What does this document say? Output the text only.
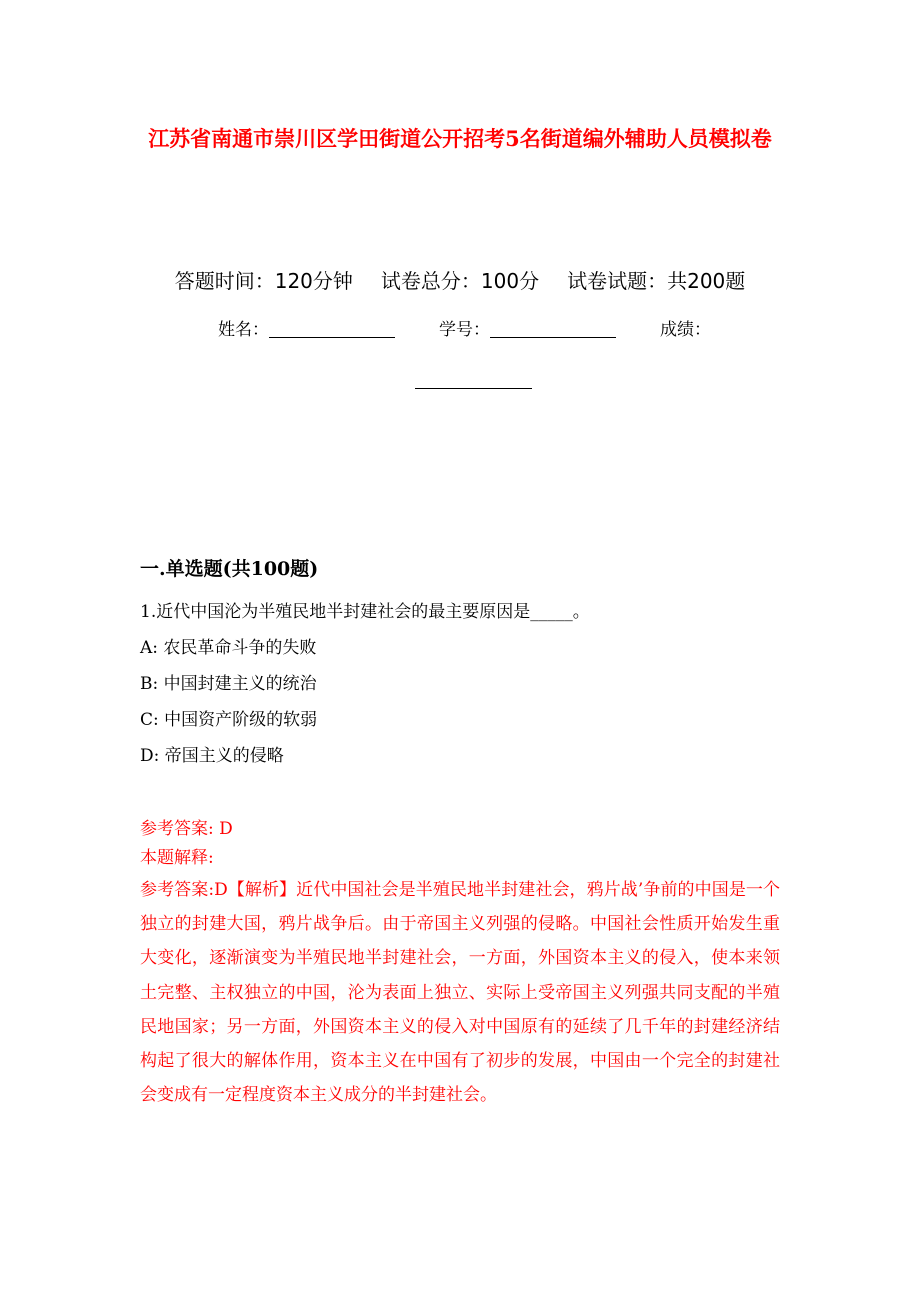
江苏省南通市崇川区学田街道公开招考5名街道编外辅助人员模拟卷
答题时间：120分钟 试卷总分：100分 试卷试题：共200题
姓名：	学号：	成绩：
一.单选题(共100题)

1.近代中国沦为半殖民地半封建社会的最主要原因是_____。

A: 农民革命斗争的失败
B: 中国封建主义的统治
C: 中国资产阶级的软弱
D: 帝国主义的侵略

参考答案: D

本题解释:

参考答案:D【解析】近代中国社会是半殖民地半封建社会，鸦片战’争前的中国是一个独立的封建大国，鸦片战争后。由于帝国主义列强的侵略。中国社会性质开始发生重大变化，逐渐演变为半殖民地半封建社会，一方面，外国资本主义的侵入，使本来领土完整、主权独立的中国，沦为表面上独立、实际上受帝国主义列强共同支配的半殖民地国家；另一方面，外国资本主义的侵入对中国原有的延续了几千年的封建经济结构起了很大的解体作用，资本主义在中国有了初步的发展，中国由一个完全的封建社会变成有一定程度资本主义成分的半封建社会。
